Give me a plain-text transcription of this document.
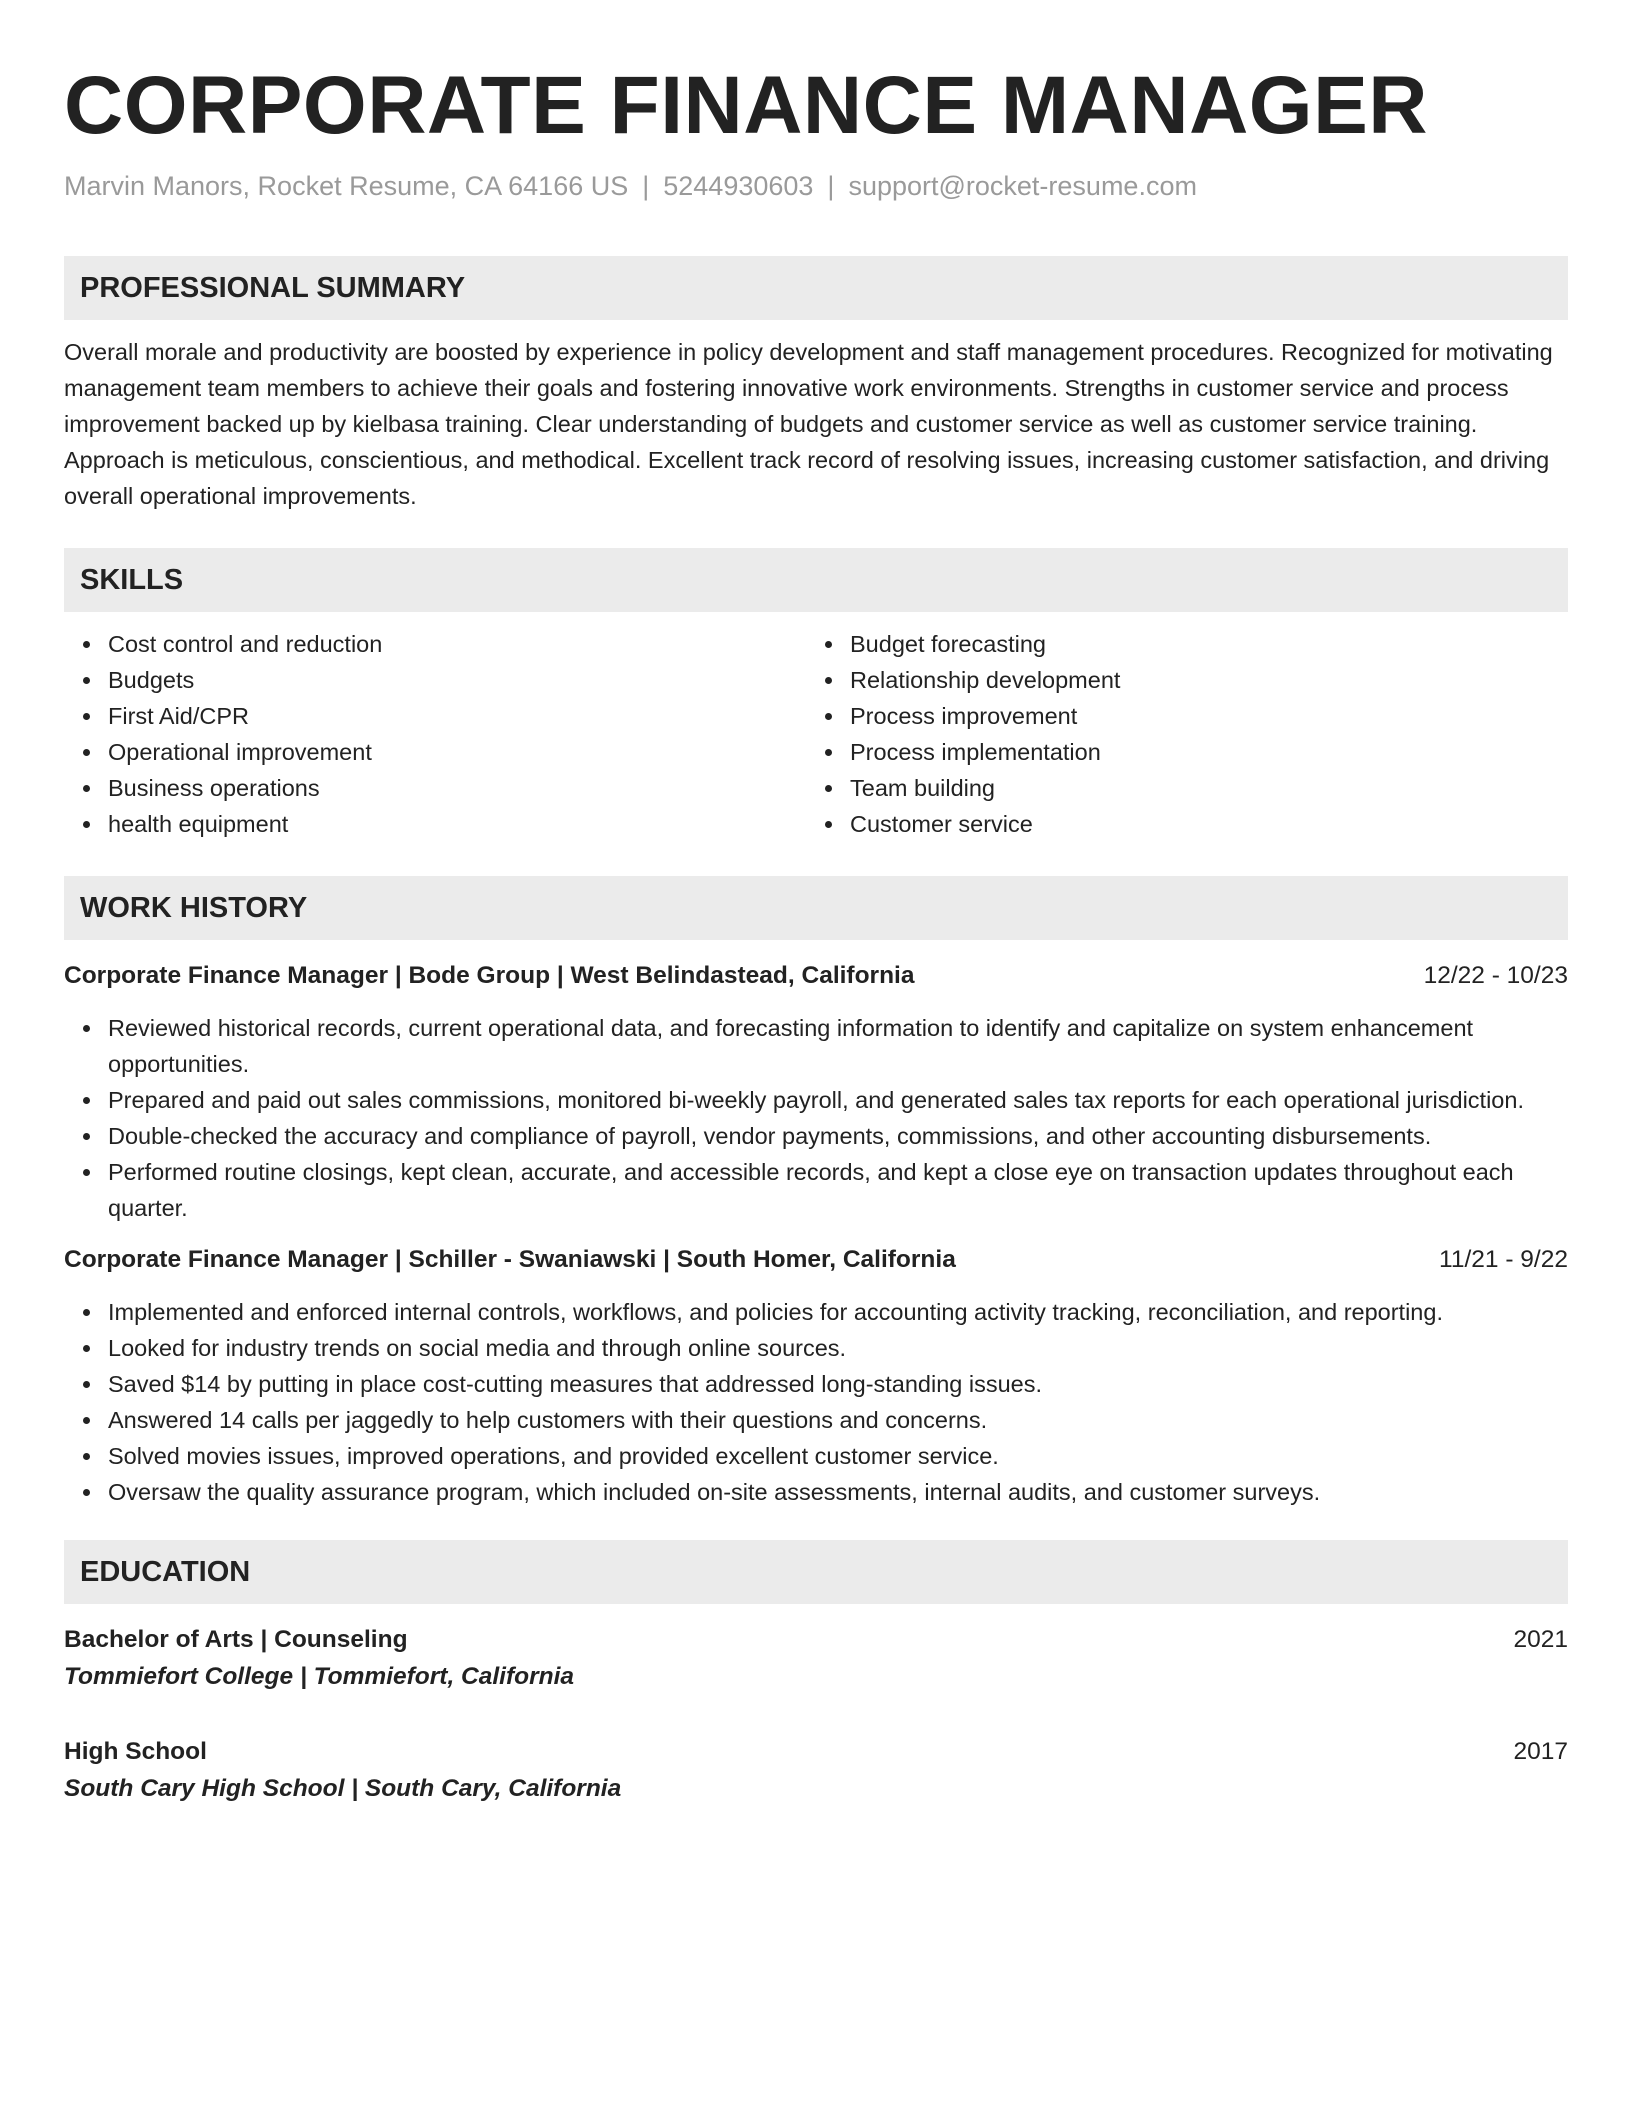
CORPORATE FINANCE MANAGER
Marvin Manors, Rocket Resume, CA 64166 US | 5244930603 | support@rocket-resume.com
PROFESSIONAL SUMMARY
Overall morale and productivity are boosted by experience in policy development and staff management procedures. Recognized for motivating management team members to achieve their goals and fostering innovative work environments. Strengths in customer service and process improvement backed up by kielbasa training. Clear understanding of budgets and customer service as well as customer service training. Approach is meticulous, conscientious, and methodical. Excellent track record of resolving issues, increasing customer satisfaction, and driving overall operational improvements.
SKILLS
Cost control and reduction
Budgets
First Aid/CPR
Operational improvement
Business operations
health equipment
Budget forecasting
Relationship development
Process improvement
Process implementation
Team building
Customer service
WORK HISTORY
Corporate Finance Manager | Bode Group | West Belindastead, California	12/22 - 10/23
Reviewed historical records, current operational data, and forecasting information to identify and capitalize on system enhancement opportunities.
Prepared and paid out sales commissions, monitored bi-weekly payroll, and generated sales tax reports for each operational jurisdiction.
Double-checked the accuracy and compliance of payroll, vendor payments, commissions, and other accounting disbursements.
Performed routine closings, kept clean, accurate, and accessible records, and kept a close eye on transaction updates throughout each quarter.
Corporate Finance Manager | Schiller - Swaniawski | South Homer, California	11/21 - 9/22
Implemented and enforced internal controls, workflows, and policies for accounting activity tracking, reconciliation, and reporting.
Looked for industry trends on social media and through online sources.
Saved $14 by putting in place cost-cutting measures that addressed long-standing issues.
Answered 14 calls per jaggedly to help customers with their questions and concerns.
Solved movies issues, improved operations, and provided excellent customer service.
Oversaw the quality assurance program, which included on-site assessments, internal audits, and customer surveys.
EDUCATION
Bachelor of Arts | Counseling	2021
Tommiefort College | Tommiefort, California
High School	2017
South Cary High School | South Cary, California
